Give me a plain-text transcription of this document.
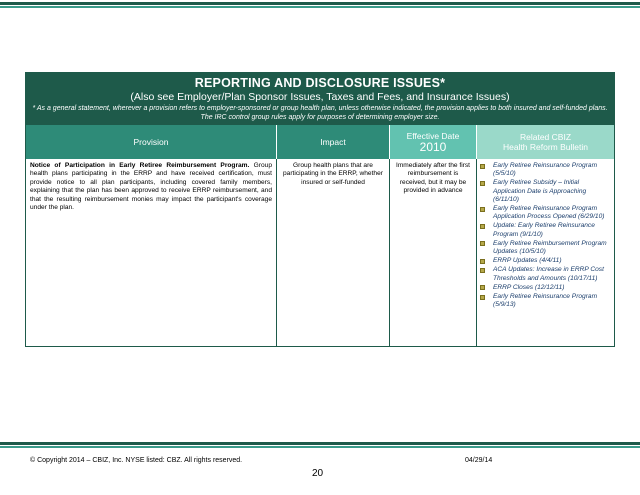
REPORTING AND DISCLOSURE ISSUES*
(Also see Employer/Plan Sponsor Issues, Taxes and Fees, and Insurance Issues)
* As a general statement, wherever a provision refers to employer-sponsored or group health plan, unless otherwise indicated, the provision applies to both insured and self-funded plans. The IRC control group rules apply for purposes of determining employer size.
Provision	Impact
Effective Date
2010
Related CBIZ
Health Reform Bulletin
Notice of Participation in Early Retiree Reimbursement Program. Group health plans participating in the ERRP and have received certification, must provide notice to all plan participants, including covered family members, explaining that the plan has been approved to receive ERRP reimbursement, and that the resulting reimbursement monies may impact the participant's coverage under the plan.
Group health plans that are participating in the ERRP, whether insured or self-funded
Immediately after the first reimbursement is received, but it may be provided in advance
Early Retiree Reinsurance Program (5/5/10)
Early Retiree Subsidy – Initial Application Date is Approaching (6/11/10)
Early Retiree Reinsurance Program Application Process Opened (6/29/10)
Update: Early Retiree Reinsurance Program (9/1/10)
Early Retiree Reimbursement Program Updates (10/5/10)
ERRP Updates (4/4/11)
ACA Updates: Increase in ERRP Cost Thresholds and Amounts (10/17/11)
ERRP Closes (12/12/11)
Early Retiree Reinsurance Program (5/9/13)
© Copyright 2014 – CBIZ, Inc. NYSE listed: CBZ. All rights reserved.	04/29/14
20
